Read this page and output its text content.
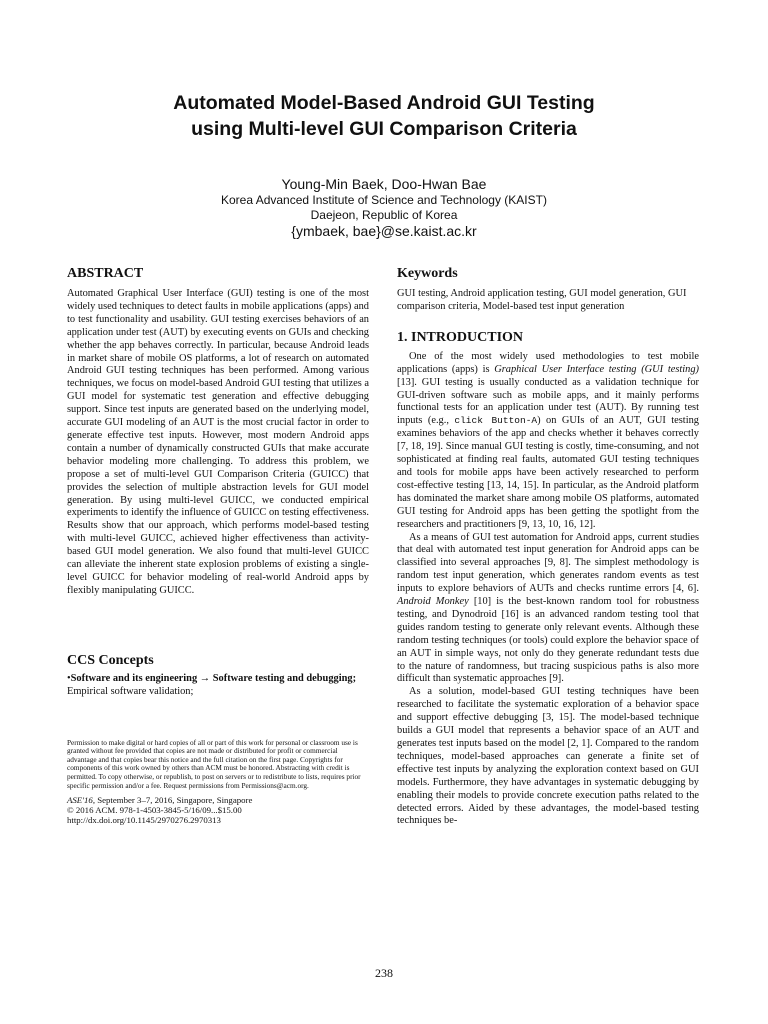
Automated Model-Based Android GUI Testing
using Multi-level GUI Comparison Criteria
Young-Min Baek, Doo-Hwan Bae
Korea Advanced Institute of Science and Technology (KAIST)
Daejeon, Republic of Korea
{ymbaek, bae}@se.kaist.ac.kr
ABSTRACT

Automated Graphical User Interface (GUI) testing is one of the most widely used techniques to detect faults in mobile applications (apps) and to test functionality and usability. GUI testing exercises behaviors of an application under test (AUT) by executing events on GUIs and checking whether the app behaves correctly. In particular, because Android leads in market share of mobile OS platforms, a lot of research on automated Android GUI testing techniques has been performed. Among various techniques, we focus on model-based Android GUI testing that utilizes a GUI model for systematic test generation and effective debugging support. Since test inputs are generated based on the underlying model, accurate GUI modeling of an AUT is the most crucial factor in order to generate effective test inputs. However, most modern Android apps contain a number of dynamically constructed GUIs that make accurate behavior modeling more challenging. To address this problem, we propose a set of multi-level GUI Comparison Criteria (GUICC) that provides the selection of multiple abstraction levels for GUI model generation. By using multi-level GUICC, we conducted empirical experiments to identify the influence of GUICC on testing effectiveness. Results show that our approach, which performs model-based testing with multi-level GUICC, achieved higher effectiveness than activity-based GUI model generation. We also found that multi-level GUICC can alleviate the inherent state explosion problems of existing a single-level GUICC for behavior modeling of real-world Android apps by flexibly manipulating GUICC.

CCS Concepts

•Software and its engineering → Software testing and debugging; Empirical software validation;

Permission to make digital or hard copies of all or part of this work for personal or classroom use is granted without fee provided that copies are not made or distributed for profit or commercial advantage and that copies bear this notice and the full citation on the first page. Copyrights for components of this work owned by others than ACM must be honored. Abstracting with credit is permitted. To copy otherwise, or republish, to post on servers or to redistribute to lists, requires prior specific permission and/or a fee. Request permissions from Permissions@acm.org.

ASE'16, September 3–7, 2016, Singapore, Singapore
© 2016 ACM. 978-1-4503-3845-5/16/09...$15.00
http://dx.doi.org/10.1145/2970276.2970313
Keywords

GUI testing, Android application testing, GUI model generation, GUI comparison criteria, Model-based test input generation

1. INTRODUCTION

One of the most widely used methodologies to test mobile applications (apps) is Graphical User Interface testing (GUI testing) [13]. GUI testing is usually conducted as a validation technique for GUI-driven software such as mobile apps, and it mainly performs functional tests for an application under test (AUT). By running test inputs (e.g., click Button-A) on GUIs of an AUT, GUI testing examines behaviors of the app and checks whether it behaves correctly [7, 18, 19]. Since manual GUI testing is costly, time-consuming, and not sophisticated at finding real faults, automated GUI testing techniques and tools for mobile apps have been actively researched to perform cost-effective testing [13, 14, 15]. In particular, as the Android platform has dominated the market share among mobile OS platforms, automated GUI testing for Android apps has been getting the spotlight from the researchers and practitioners [9, 13, 10, 16, 12].

As a means of GUI test automation for Android apps, current studies that deal with automated test input generation for Android apps can be classified into several approaches [9, 8]. The simplest methodology is random test input generation, which generates random events as test inputs to explore behaviors of AUTs and checks runtime errors [4, 6]. Android Monkey [10] is the best-known random tool for robustness testing, and Dynodroid [16] is an advanced random testing tool that guides random testing to generate only relevant events. Although these random testing techniques (or tools) could explore the behavior space of an AUT in simple ways, not only do they generate redundant tests due to the nature of randomness, but tracing suspicious paths is also more difficult than systematic approaches [9].

As a solution, model-based GUI testing techniques have been researched to facilitate the systematic exploration of a behavior space and support effective debugging [3, 15]. The model-based technique builds a GUI model that represents a behavior space of an AUT and generates test inputs based on the model [2, 1]. Compared to the random techniques, model-based approaches can generate a finite set of effective test inputs by analyzing the exploration context based on GUI models. Furthermore, they have advantages in systematic debugging by enabling their models to provide concrete execution paths related to the detected errors. Aided by these advantages, the model-based testing techniques be-

238
